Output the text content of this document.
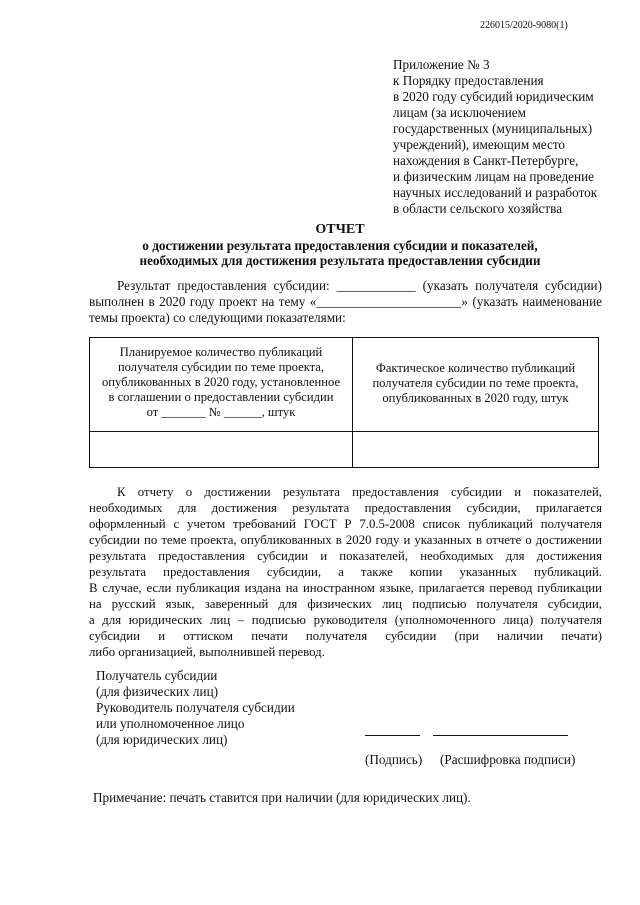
226015/2020-9080(1)
Приложение № 3
к Порядку предоставления
в 2020 году субсидий юридическим
лицам (за исключением
государственных (муниципальных)
учреждений), имеющим место
нахождения в Санкт-Петербурге,
и физическим лицам на проведение
научных исследований и разработок
в области сельского хозяйства
ОТЧЕТ
о достижении результата предоставления субсидии и показателей,
необходимых для достижения результата предоставления субсидии
Результат предоставления субсидии: ____________ (указать получателя субсидии)
выполнен в 2020 году проект на тему «______________________» (указать наименование
темы проекта) со следующими показателями:
Планируемое количество публикаций
получателя субсидии по теме проекта,
опубликованных в 2020 году, установленное
в соглашении о предоставлении субсидии
от _______ № ______, штук
Фактическое количество публикаций
получателя субсидии по теме проекта,
опубликованных в 2020 году, штук
К отчету о достижении результата предоставления субсидии и показателей,
необходимых для достижения результата предоставления субсидии, прилагается
оформленный с учетом требований ГОСТ Р 7.0.5-2008 список публикаций получателя
субсидии по теме проекта, опубликованных в 2020 году и указанных в отчете о достижении
результата предоставления субсидии и показателей, необходимых для достижения
результата предоставления субсидии, а также копии указанных публикаций.
В случае, если публикация издана на иностранном языке, прилагается перевод публикации
на русский язык, заверенный для физических лиц подписью получателя субсидии,
а для юридических лиц – подписью руководителя (уполномоченного лица) получателя
субсидии и оттиском печати получателя субсидии (при наличии печати)
либо организацией, выполнившей перевод.
Получатель субсидии
(для физических лиц)
Руководитель получателя субсидии
или уполномоченное лицо
(для юридических лиц)
(Подпись) (Расшифровка подписи)
Примечание: печать ставится при наличии (для юридических лиц).
